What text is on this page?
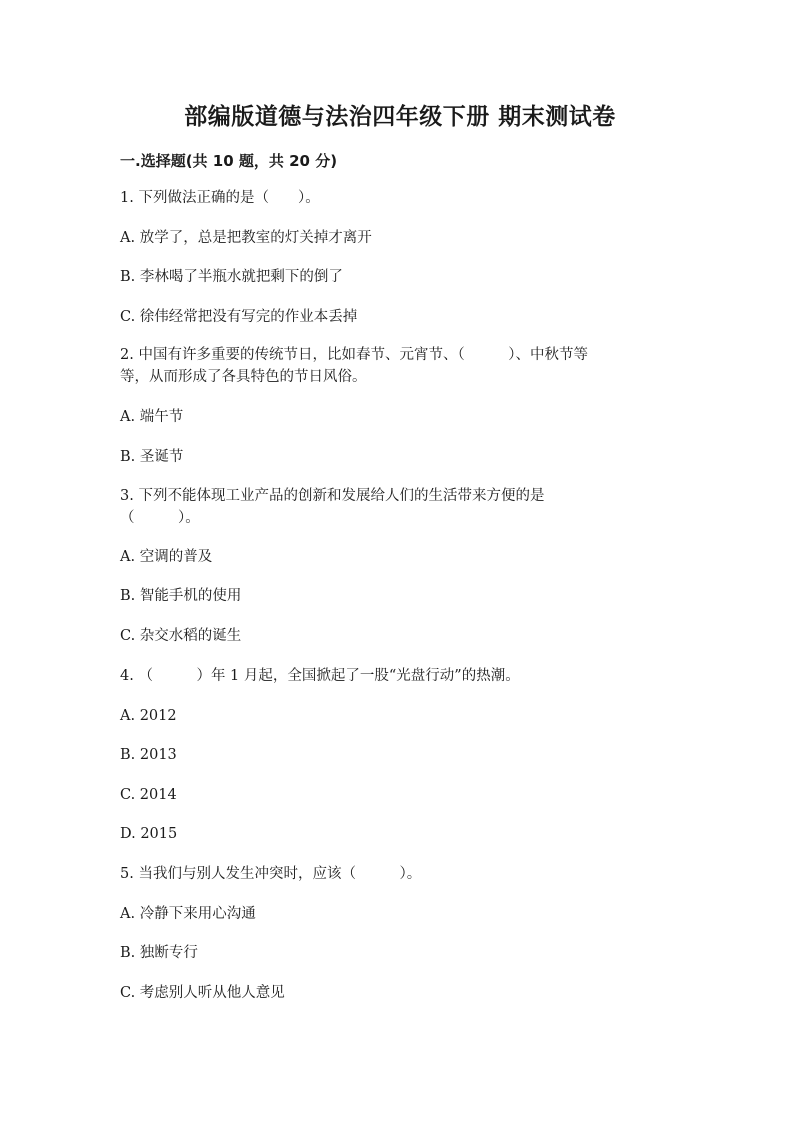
部编版道德与法治四年级下册 期末测试卷
一.选择题(共 10 题，共 20 分)
1. 下列做法正确的是（　　）。
A. 放学了，总是把教室的灯关掉才离开
B. 李林喝了半瓶水就把剩下的倒了
C. 徐伟经常把没有写完的作业本丢掉
2. 中国有许多重要的传统节日，比如春节、元宵节、（　　　）、中秋节等
等，从而形成了各具特色的节日风俗。
A. 端午节
B. 圣诞节
3. 下列不能体现工业产品的创新和发展给人们的生活带来方便的是
（　　　）。
A. 空调的普及
B. 智能手机的使用
C. 杂交水稻的诞生
4. （　　　）年 1 月起，全国掀起了一股“光盘行动”的热潮。
A. 2012
B. 2013
C. 2014
D. 2015
5. 当我们与别人发生冲突时，应该（　　　）。
A. 冷静下来用心沟通
B. 独断专行
C. 考虑别人听从他人意见
